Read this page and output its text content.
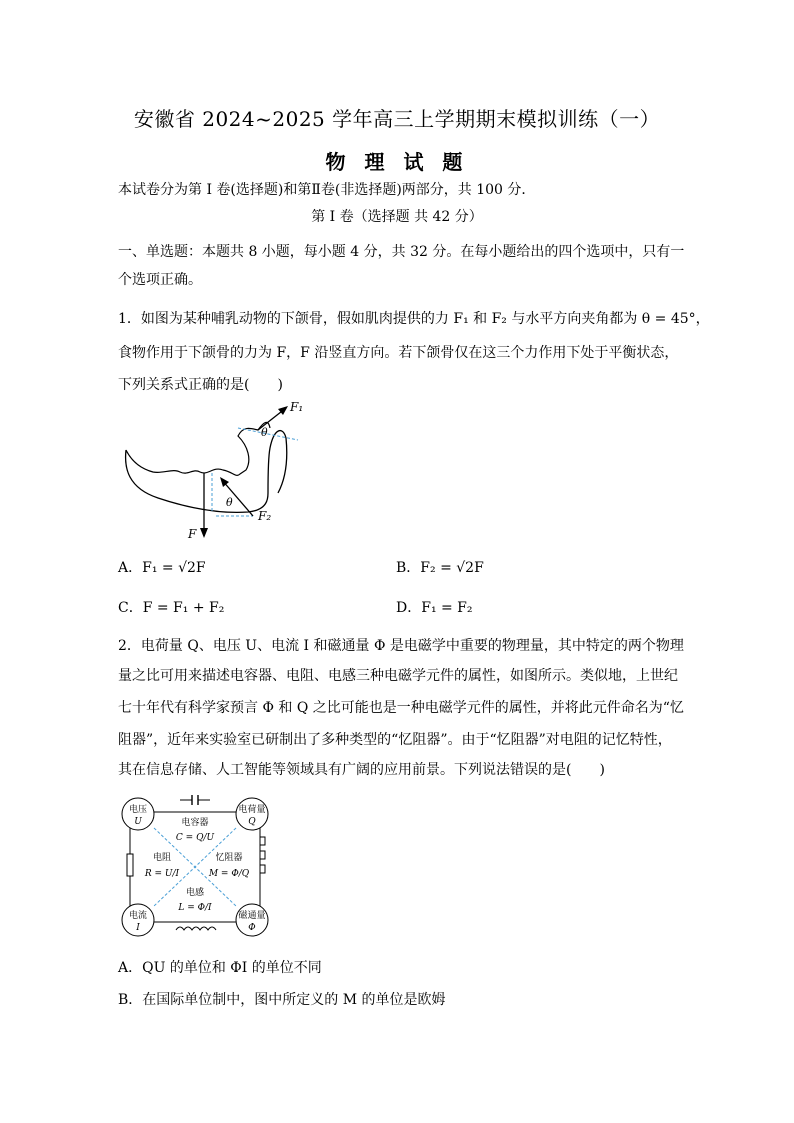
安徽省 2024~2025 学年高三上学期期末模拟训练（一）
物 理 试 题
本试卷分为第 I 卷(选择题)和第Ⅱ卷(非选择题)两部分，共 100 分．
第 I 卷（选择题 共 42 分）
一、单选题：本题共 8 小题，每小题 4 分，共 32 分。在每小题给出的四个选项中，只有一
个选项正确。
1．如图为某种哺乳动物的下颌骨，假如肌肉提供的力 F₁ 和 F₂ 与水平方向夹角都为 θ = 45°，
食物作用于下颌骨的力为 F，F 沿竖直方向。若下颌骨仅在这三个力作用下处于平衡状态，
下列关系式正确的是(　　)
F₁
θ
F
θ
F₂
A．F₁ = √2F	B．F₂ = √2F
C．F = F₁ + F₂	D．F₁ = F₂
2．电荷量 Q、电压 U、电流 I 和磁通量 Φ 是电磁学中重要的物理量，其中特定的两个物理
量之比可用来描述电容器、电阻、电感三种电磁学元件的属性，如图所示。类似地，上世纪
七十年代有科学家预言 Φ 和 Q 之比可能也是一种电磁学元件的属性，并将此元件命名为“忆
阻器”，近年来实验室已研制出了多种类型的“忆阻器”。由于“忆阻器”对电阻的记忆特性，
其在信息存储、人工智能等领域具有广阔的应用前景。下列说法错误的是(　　)
电压
U
电荷量
Q
电流
I
磁通量
Φ
电容器
C = Q/U
电阻
R = U/I
忆阻器
M = Φ/Q
电感
L = Φ/I
A．QU 的单位和 ΦI 的单位不同
B．在国际单位制中，图中所定义的 M 的单位是欧姆
